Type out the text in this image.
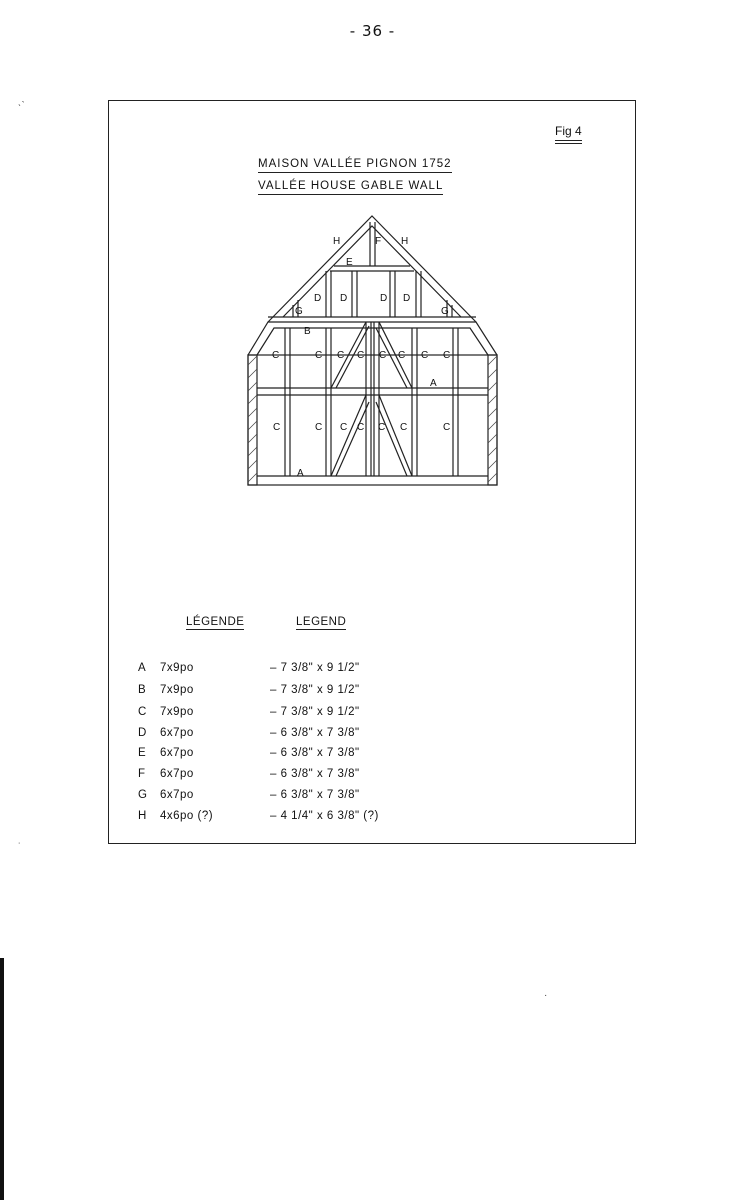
- 36 -
ˎ˴
˙
Fig 4
MAISON VALLÉE PIGNON 1752
VALLÉE HOUSE GABLE WALL
H	F H
E
D D	D D
G	G
B
C	C C C C C C C
A
C	C C C C C	C
A
LÉGENDE	LEGEND
A 7x9po	– 7 3/8" x 9 1/2"
B 7x9po	– 7 3/8" x 9 1/2"
C 7x9po	– 7 3/8" x 9 1/2"
D 6x7po	– 6 3/8" x 7 3/8"
E 6x7po	– 6 3/8" x 7 3/8"
F 6x7po	– 6 3/8" x 7 3/8"
G 6x7po	– 6 3/8" x 7 3/8"
H 4x6po (?)	– 4 1/4" x 6 3/8" (?)
·
